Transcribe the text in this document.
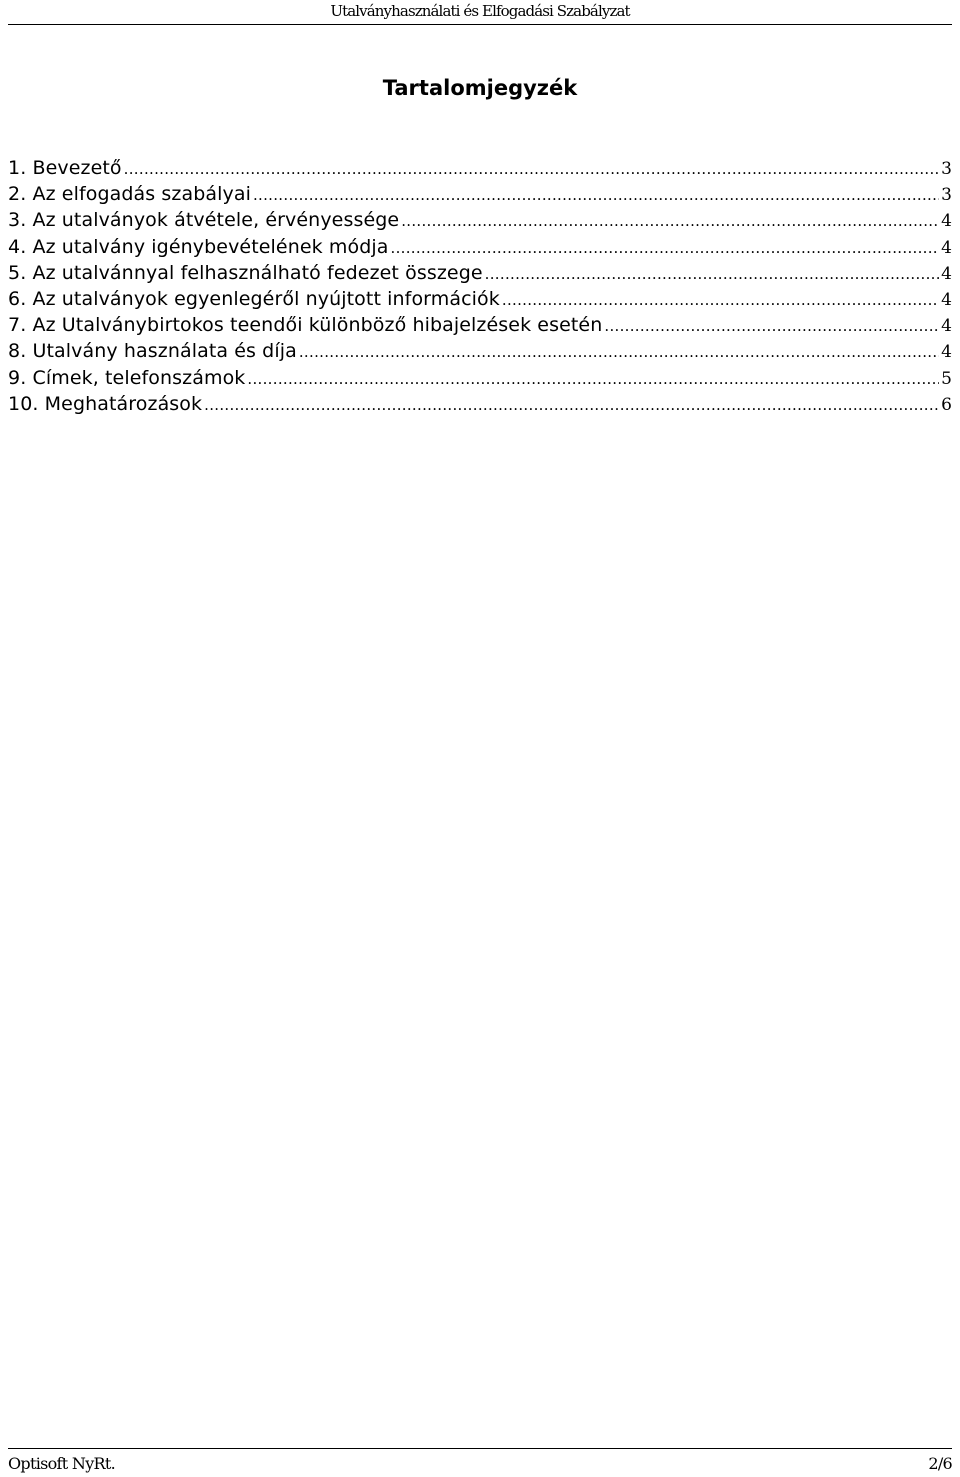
Utalványhasználati és Elfogadási Szabályzat
Tartalomjegyzék
1. Bevezető .....	3
2. Az elfogadás szabályai .....	3
3. Az utalványok átvétele, érvényessége .....	4
4. Az utalvány igénybevételének módja .....	4
5. Az utalvánnyal felhasználható fedezet összege .....	4
6. Az utalványok egyenlegéről nyújtott információk .....	4
7. Az Utalványbirtokos teendői különböző hibajelzések esetén .....	4
8. Utalvány használata és díja .....	4
9. Címek, telefonszámok .....	5
10. Meghatározások .....	6
Optisoft NyRt.	2/6
